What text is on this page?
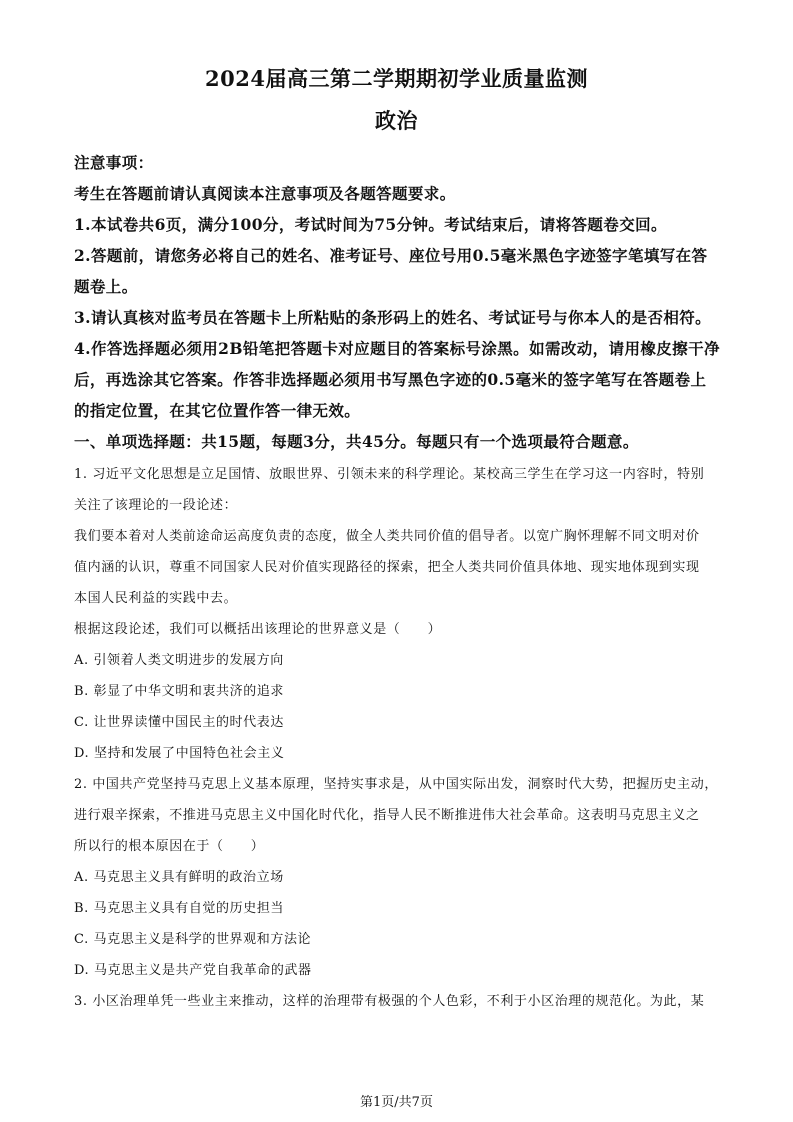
2024届高三第二学期期初学业质量监测
政治
注意事项：
考生在答题前请认真阅读本注意事项及各题答题要求。
1.本试卷共6页，满分100分，考试时间为75分钟。考试结束后，请将答题卷交回。
2.答题前，请您务必将自己的姓名、准考证号、座位号用0.5毫米黑色字迹签字笔填写在答
题卷上。
3.请认真核对监考员在答题卡上所粘贴的条形码上的姓名、考试证号与你本人的是否相符。
4.作答选择题必须用2B铅笔把答题卡对应题目的答案标号涂黑。如需改动，请用橡皮擦干净
后，再选涂其它答案。作答非选择题必须用书写黑色字迹的0.5毫米的签字笔写在答题卷上
的指定位置，在其它位置作答一律无效。
一、单项选择题：共15题，每题3分，共45分。每题只有一个选项最符合题意。
1. 习近平文化思想是立足国情、放眼世界、引领未来的科学理论。某校高三学生在学习这一内容时，特别
关注了该理论的一段论述：
我们要本着对人类前途命运高度负责的态度，做全人类共同价值的倡导者。以宽广胸怀理解不同文明对价
值内涵的认识，尊重不同国家人民对价值实现路径的探索，把全人类共同价值具体地、现实地体现到实现
本国人民利益的实践中去。
根据这段论述，我们可以概括出该理论的世界意义是（　　）
A. 引领着人类文明进步的发展方向
B. 彰显了中华文明和衷共济的追求
C. 让世界读懂中国民主的时代表达
D. 坚持和发展了中国特色社会主义
2. 中国共产党坚持马克思上义基本原理，坚持实事求是，从中国实际出发，洞察时代大势，把握历史主动，
进行艰辛探索，不推进马克思主义中国化时代化，指导人民不断推进伟大社会革命。这表明马克思主义之
所以行的根本原因在于（　　）
A. 马克思主义具有鲜明的政治立场
B. 马克思主义具有自觉的历史担当
C. 马克思主义是科学的世界观和方法论
D. 马克思主义是共产党自我革命的武器
3. 小区治理单凭一些业主来推动，这样的治理带有极强的个人色彩，不利于小区治理的规范化。为此，某
第1页/共7页
